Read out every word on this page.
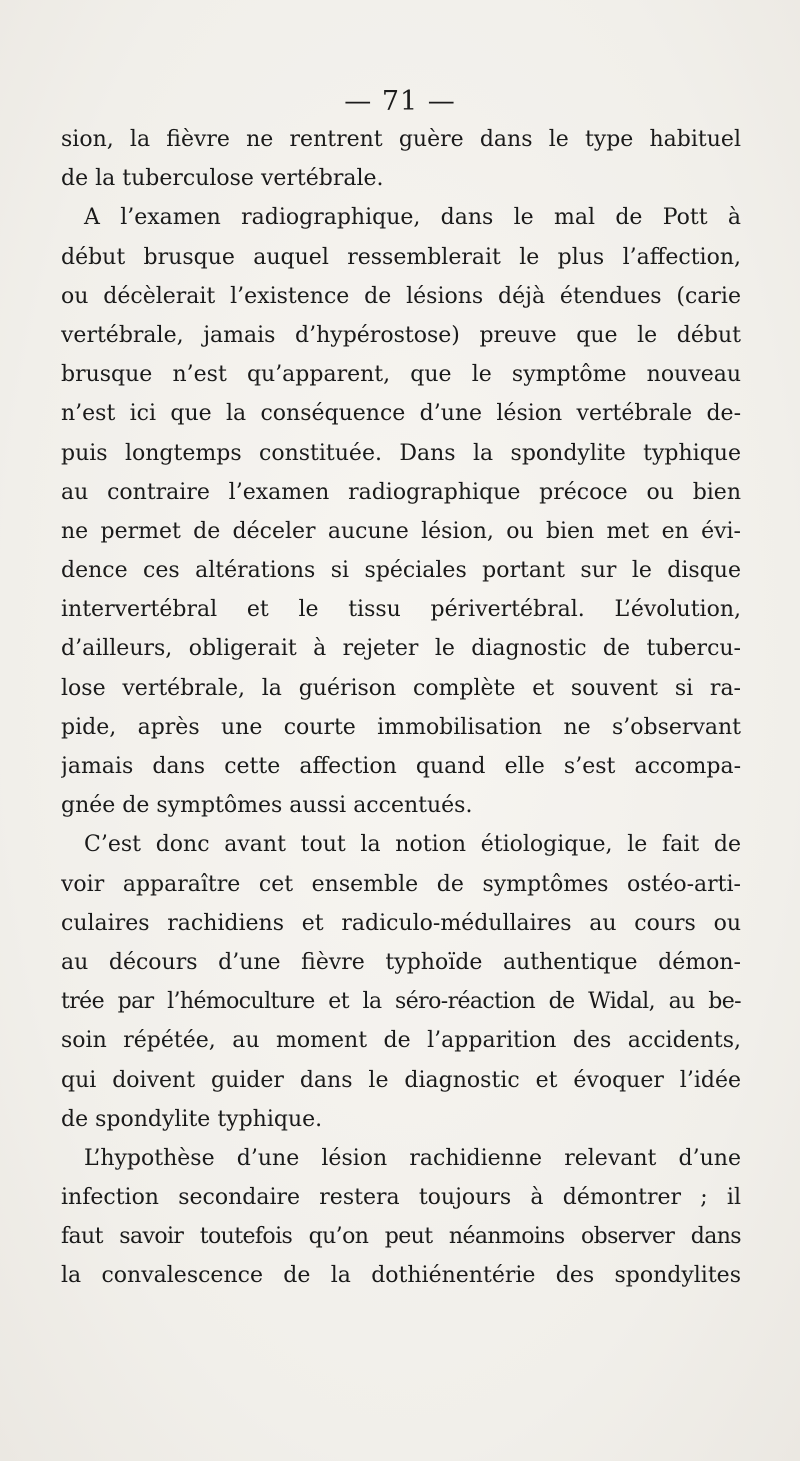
— 71 —
sion, la fièvre ne rentrent guère dans le type habituel
de la tuberculose vertébrale.
A l’examen radiographique, dans le mal de Pott à
début brusque auquel ressemblerait le plus l’affection,
ou décèlerait l’existence de lésions déjà étendues (carie
vertébrale, jamais d’hypérostose) preuve que le début
brusque n’est qu’apparent, que le symptôme nouveau
n’est ici que la conséquence d’une lésion vertébrale de-
puis longtemps constituée. Dans la spondylite typhique
au contraire l’examen radiographique précoce ou bien
ne permet de déceler aucune lésion, ou bien met en évi-
dence ces altérations si spéciales portant sur le disque
intervertébral et le tissu périvertébral. L’évolution,
d’ailleurs, obligerait à rejeter le diagnostic de tubercu-
lose vertébrale, la guérison complète et souvent si ra-
pide, après une courte immobilisation ne s’observant
jamais dans cette affection quand elle s’est accompa-
gnée de symptômes aussi accentués.
C’est donc avant tout la notion étiologique, le fait de
voir apparaître cet ensemble de symptômes ostéo-arti-
culaires rachidiens et radiculo-médullaires au cours ou
au décours d’une fièvre typhoïde authentique démon-
trée par l’hémoculture et la séro-réaction de Widal, au be-
soin répétée, au moment de l’apparition des accidents,
qui doivent guider dans le diagnostic et évoquer l’idée
de spondylite typhique.
L’hypothèse d’une lésion rachidienne relevant d’une
infection secondaire restera toujours à démontrer ; il
faut savoir toutefois qu’on peut néanmoins observer dans
la convalescence de la dothiénentérie des spondylites
